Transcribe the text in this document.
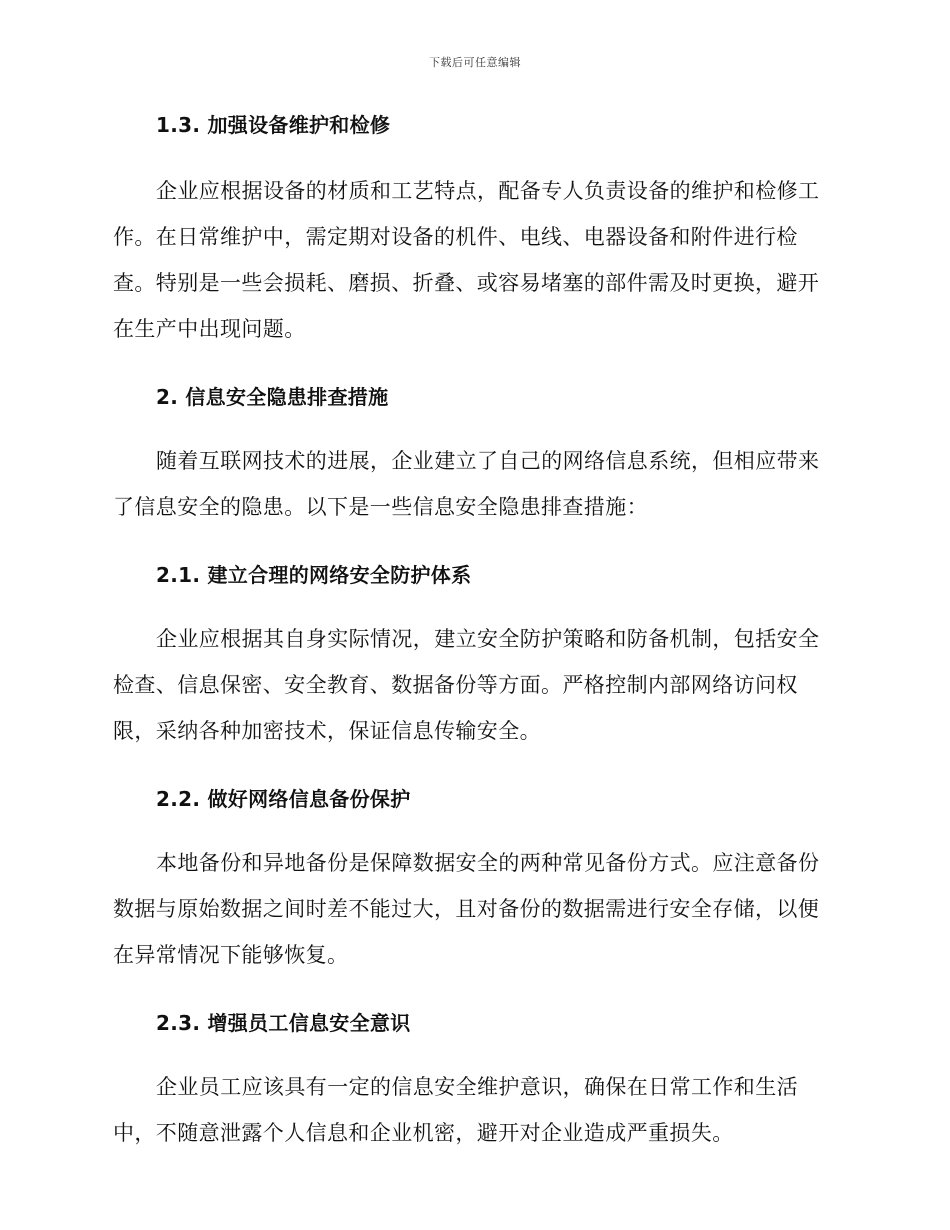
下载后可任意编辑
1.3. 加强设备维护和检修

企业应根据设备的材质和工艺特点，配备专人负责设备的维护和检修工作。在日常维护中，需定期对设备的机件、电线、电器设备和附件进行检查。特别是一些会损耗、磨损、折叠、或容易堵塞的部件需及时更换，避开在生产中出现问题。

2. 信息安全隐患排查措施

随着互联网技术的进展，企业建立了自己的网络信息系统，但相应带来了信息安全的隐患。以下是一些信息安全隐患排查措施：

2.1. 建立合理的网络安全防护体系

企业应根据其自身实际情况，建立安全防护策略和防备机制，包括安全检查、信息保密、安全教育、数据备份等方面。严格控制内部网络访问权限，采纳各种加密技术，保证信息传输安全。

2.2. 做好网络信息备份保护

本地备份和异地备份是保障数据安全的两种常见备份方式。应注意备份数据与原始数据之间时差不能过大，且对备份的数据需进行安全存储，以便在异常情况下能够恢复。

2.3. 增强员工信息安全意识

企业员工应该具有一定的信息安全维护意识，确保在日常工作和生活中，不随意泄露个人信息和企业机密，避开对企业造成严重损失。
